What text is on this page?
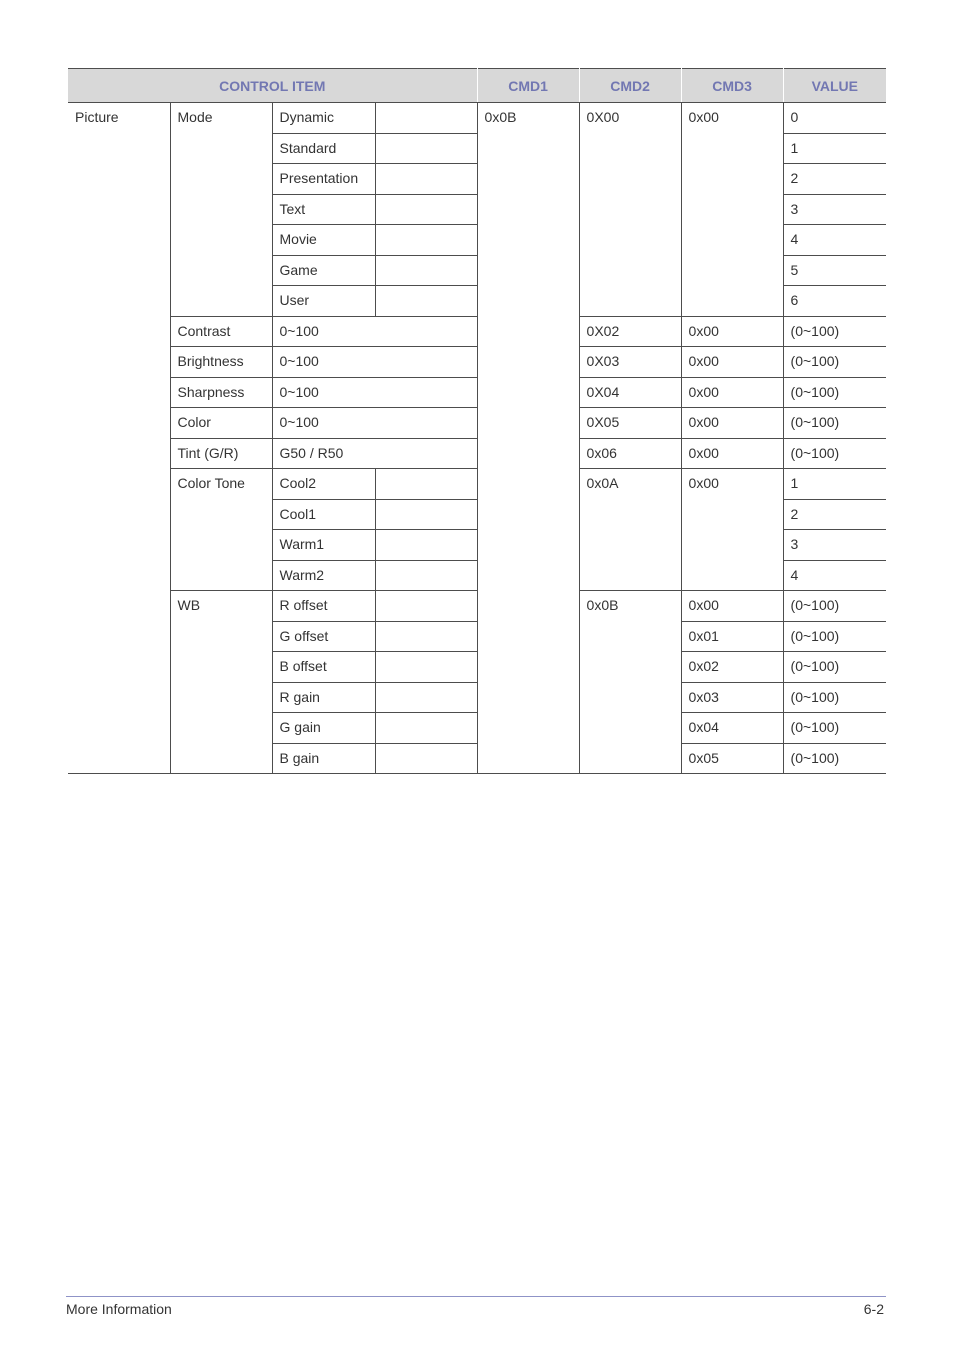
CONTROL ITEM				CMD1	CMD2	CMD3	VALUE
Picture	Mode	Dynamic		0x0B	0X00	0x00	0
		Standard					1
		Presentation					2
		Text					3
		Movie					4
		Game					5
		User					6
	Contrast	0~100			0X02	0x00	(0~100)
	Brightness	0~100			0X03	0x00	(0~100)
	Sharpness	0~100			0X04	0x00	(0~100)
	Color	0~100			0X05	0x00	(0~100)
	Tint (G/R)	G50 / R50			0x06	0x00	(0~100)
	Color Tone	Cool2			0x0A	0x00	1
		Cool1					2
		Warm1					3
		Warm2					4
	WB	R offset			0x0B	0x00	(0~100)
		G offset				0x01	(0~100)
		B offset				0x02	(0~100)
		R gain				0x03	(0~100)
		G gain				0x04	(0~100)
		B gain				0x05	(0~100)
More Information	6-2
